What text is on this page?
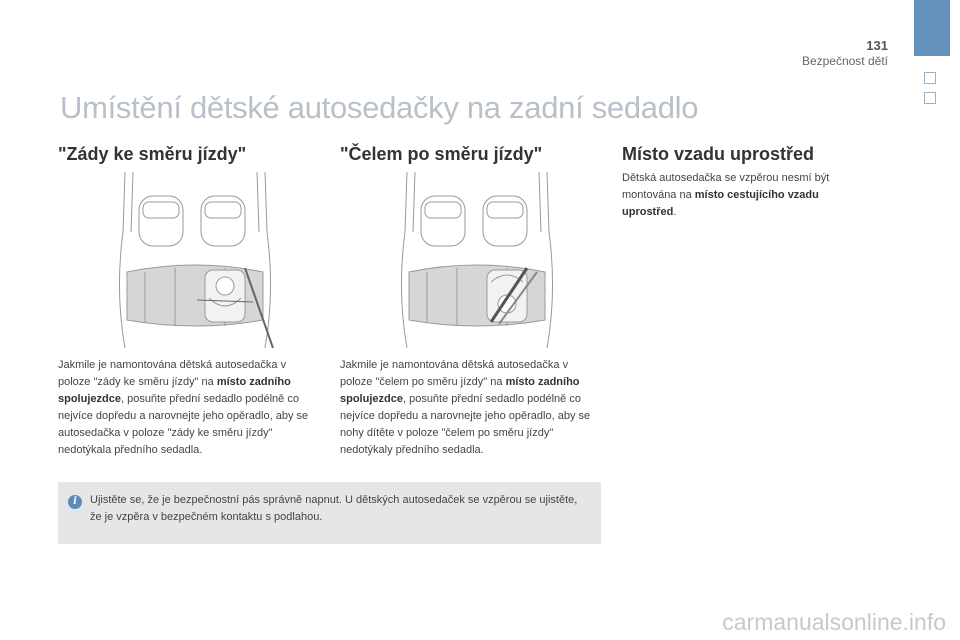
131
Bezpečnost dětí
Umístění dětské autosedačky na zadní sedadlo
"Zády ke směru jízdy"
Jakmile je namontována dětská autosedačka v poloze "zády ke směru jízdy" na místo zadního spolujezdce, posuňte přední sedadlo podélně co nejvíce dopředu a narovnejte jeho opěradlo, aby se autosedačka v poloze "zády ke směru jízdy" nedotýkala předního sedadla.
"Čelem po směru jízdy"
Jakmile je namontována dětská autosedačka v poloze "čelem po směru jízdy" na místo zadního spolujezdce, posuňte přední sedadlo podélně co nejvíce dopředu a narovnejte jeho opěradlo, aby se nohy dítěte v poloze "čelem po směru jízdy" nedotýkaly předního sedadla.
Místo vzadu uprostřed
Dětská autosedačka se vzpěrou nesmí být montována na místo cestujícího vzadu uprostřed.
i	Ujistěte se, že je bezpečnostní pás správně napnut. U dětských autosedaček se vzpěrou se ujistěte, že je vzpěra v bezpečném kontaktu s podlahou.
carmanualsonline.info
